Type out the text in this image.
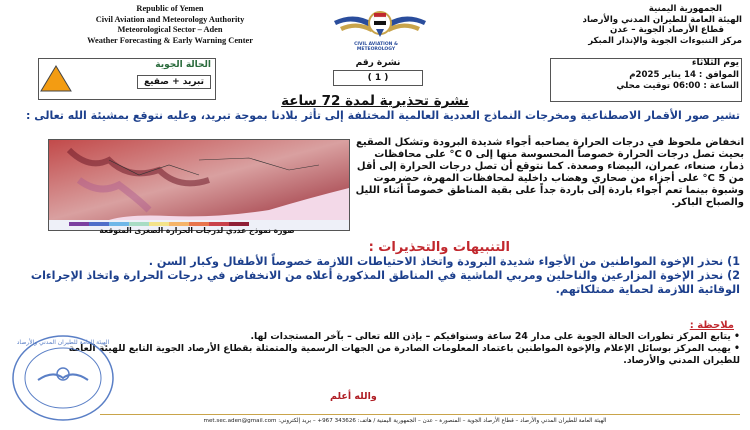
Republic of Yemen
Civil Aviation and Meteorology Authority
Meteorological Sector – Aden
Weather Forecasting & Early Warning Center	CIVIL AVIATION & METEOROLOGY
الجمهورية اليمنية
الهيئة العامة للطيران المدني والأرصاد
قطاع الأرصاد الجوية – عدن
مركز التنبوءات الجوية والإنذار المبكر
يوم الثلاثاء
الموافق : 14 يناير 2025م
الساعة : 06:00 توقيت محلي
نشرة رقم
( 1 )
الحالة الجوية
تبريد + صقيع
نشرة تحذيرية لمدة 72 ساعة
تشير صور الأقمار الاصطناعية ومخرجات النماذج العددية العالمية المختلفة إلى تأثر بلادنا بموجة تبريد، وعليه نتوقع بمشيئة الله تعالى :
صورة نموذج عددي لدرجات الحرارة الصغرى المتوقعة
انخفاض ملحوظ في درجات الحرارة يصاحبه أجواء شديدة البرودة وتشكل الصقيع بحيث تصل درجات الحرارة خصوصاً المحسوسة منها إلى 0 C° على محافظات ذمار، صنعاء، عمران، البيضاء وصعدة. كما نتوقع أن تصل درجات الحرارة إلى أقل من 5 C° على أجزاء من صحاري وهضاب داخلية لمحافظات المهرة، حضرموت وشبوة بينما تعم أجواء باردة إلى باردة جداً على بقية المناطق خصوصاً أثناء الليل والصباح الباكر.
التنبيهات والتحذيرات :
1) نحذر الإخوة المواطنين من الأجواء شديدة البرودة واتخاذ الاحتياطات اللازمة خصوصاً الأطفال وكبار السن .
2) نحذر الإخوة المزارعين والناحلين ومربي الماشية في المناطق المذكورة أعلاه من الانخفاض في درجات الحرارة واتخاذ الإجراءات الوقائية اللازمة لحماية ممتلكاتهم.
ملاحظة :
• يتابع المركز تطورات الحالة الجوية على مدار 24 ساعة وسنوافيكم – بإذن الله تعالى – بآخر المستجدات لها.
• يهيب المركز بوسائل الإعلام والإخوة المواطنين باعتماد المعلومات الصادرة من الجهات الرسمية والمتمثلة بقطاع الأرصاد الجوية التابع للهيئة العامة للطيران المدني والأرصاد.
والله أعلم
الهيئة العامة للطيران المدني والأرصاد
الهيئة العامة للطيران المدني والأرصاد – قطاع الأرصاد الجوية – المنصورة – عدن – الجمهورية اليمنية / هاتف: 343626 967+ – بريد إلكتروني: met.sec.aden@gmail.com
